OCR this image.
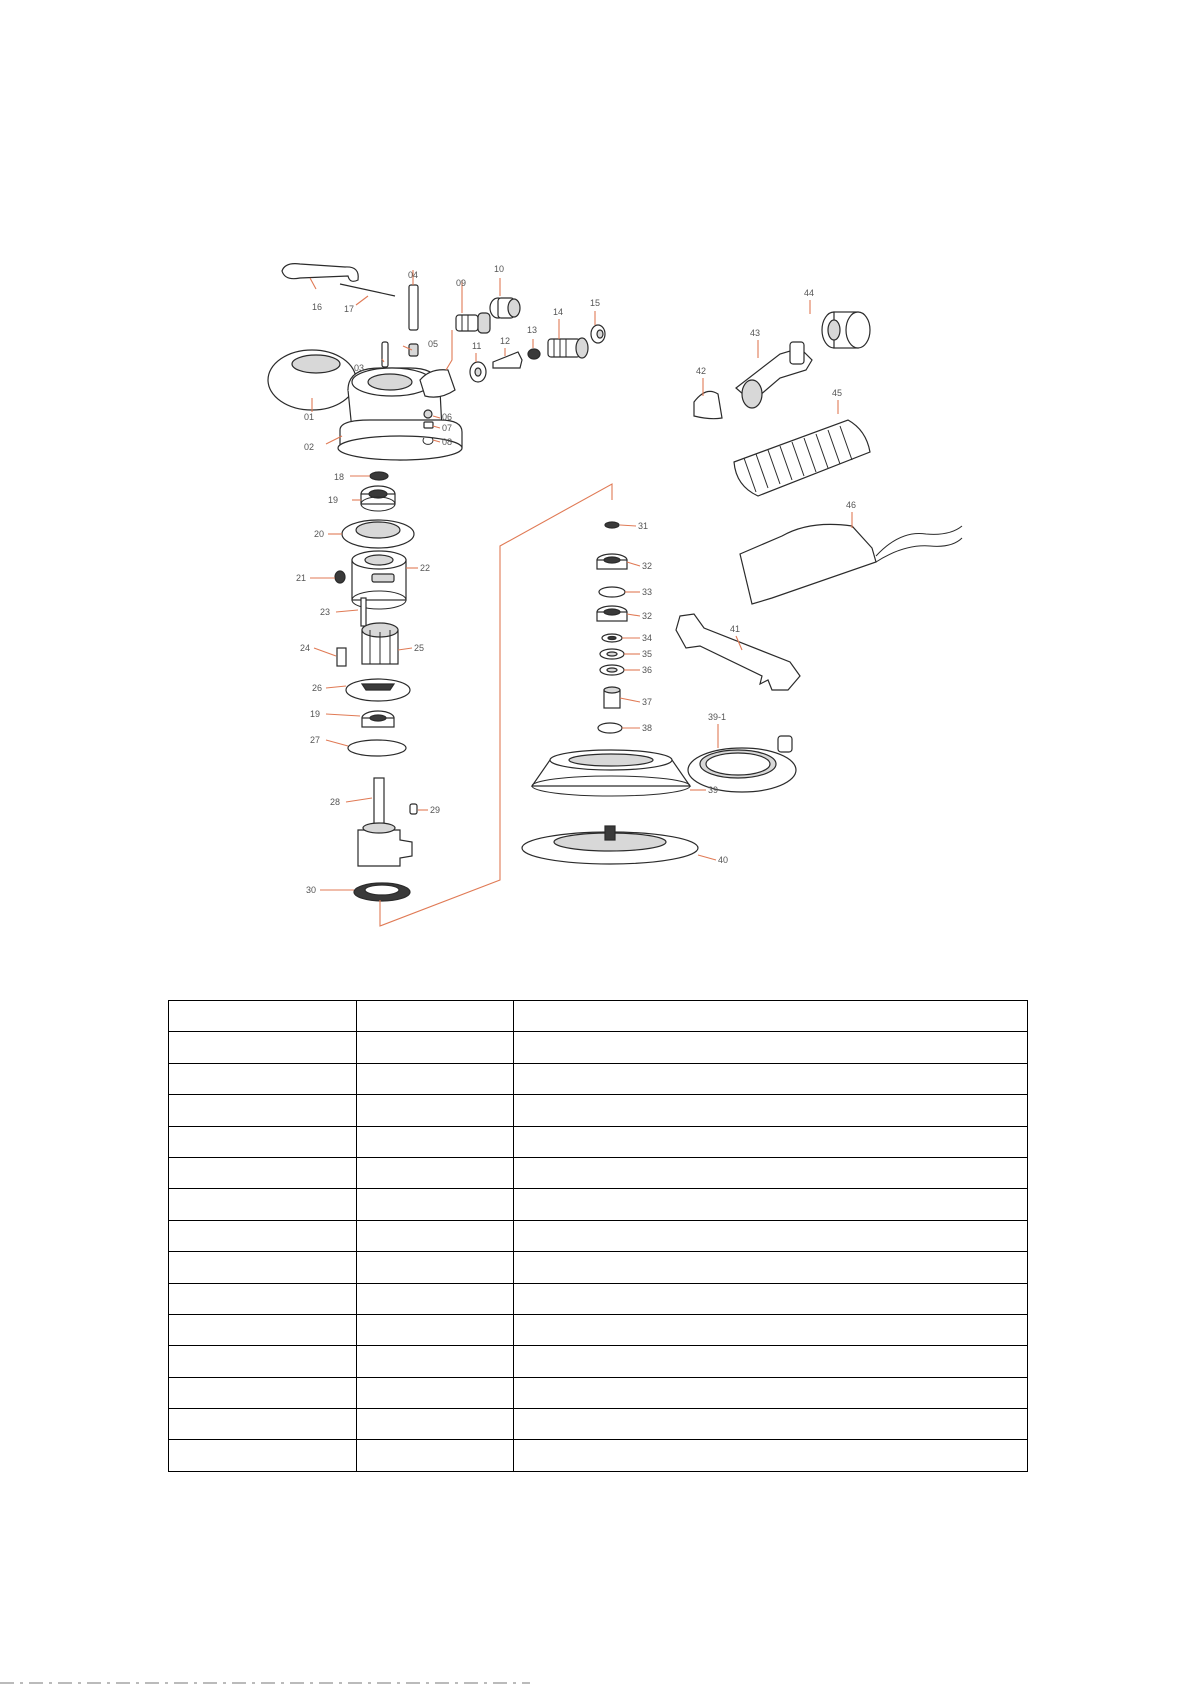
01
02
03
04
05
06
07
08
09
10
11 12
13
14
15
16 17
18
19
20
21
22
23
24	25
26
19
27
28
29
30
31
32
33
32
34
35
36
37
38
39
40
39-1
41
42
43
44
45
46
